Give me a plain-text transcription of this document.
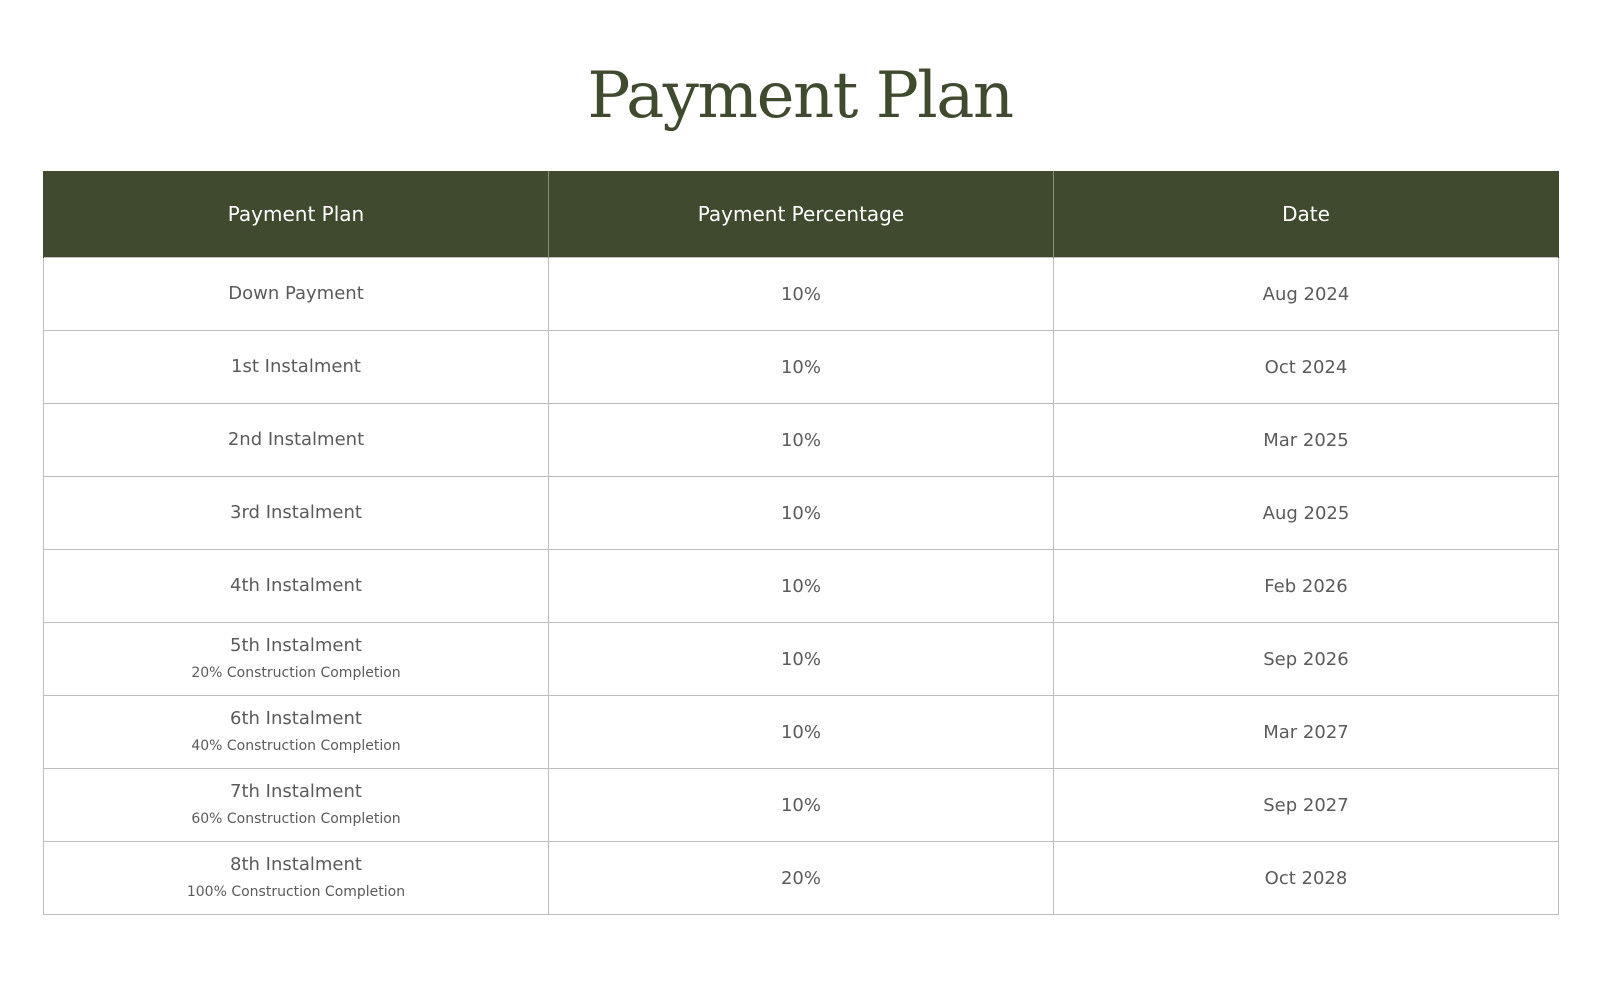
Payment Plan
Payment Plan	Payment Percentage	Date

Down Payment	10%	Aug 2024

1st Instalment	10%	Oct 2024

2nd Instalment	10%	Mar 2025

3rd Instalment	10%	Aug 2025

4th Instalment	10%	Feb 2026

5th Instalment
20% Construction Completion	10%	Sep 2026

6th Instalment
40% Construction Completion	10%	Mar 2027

7th Instalment
60% Construction Completion	10%	Sep 2027

8th Instalment
100% Construction Completion	20%	Oct 2028
